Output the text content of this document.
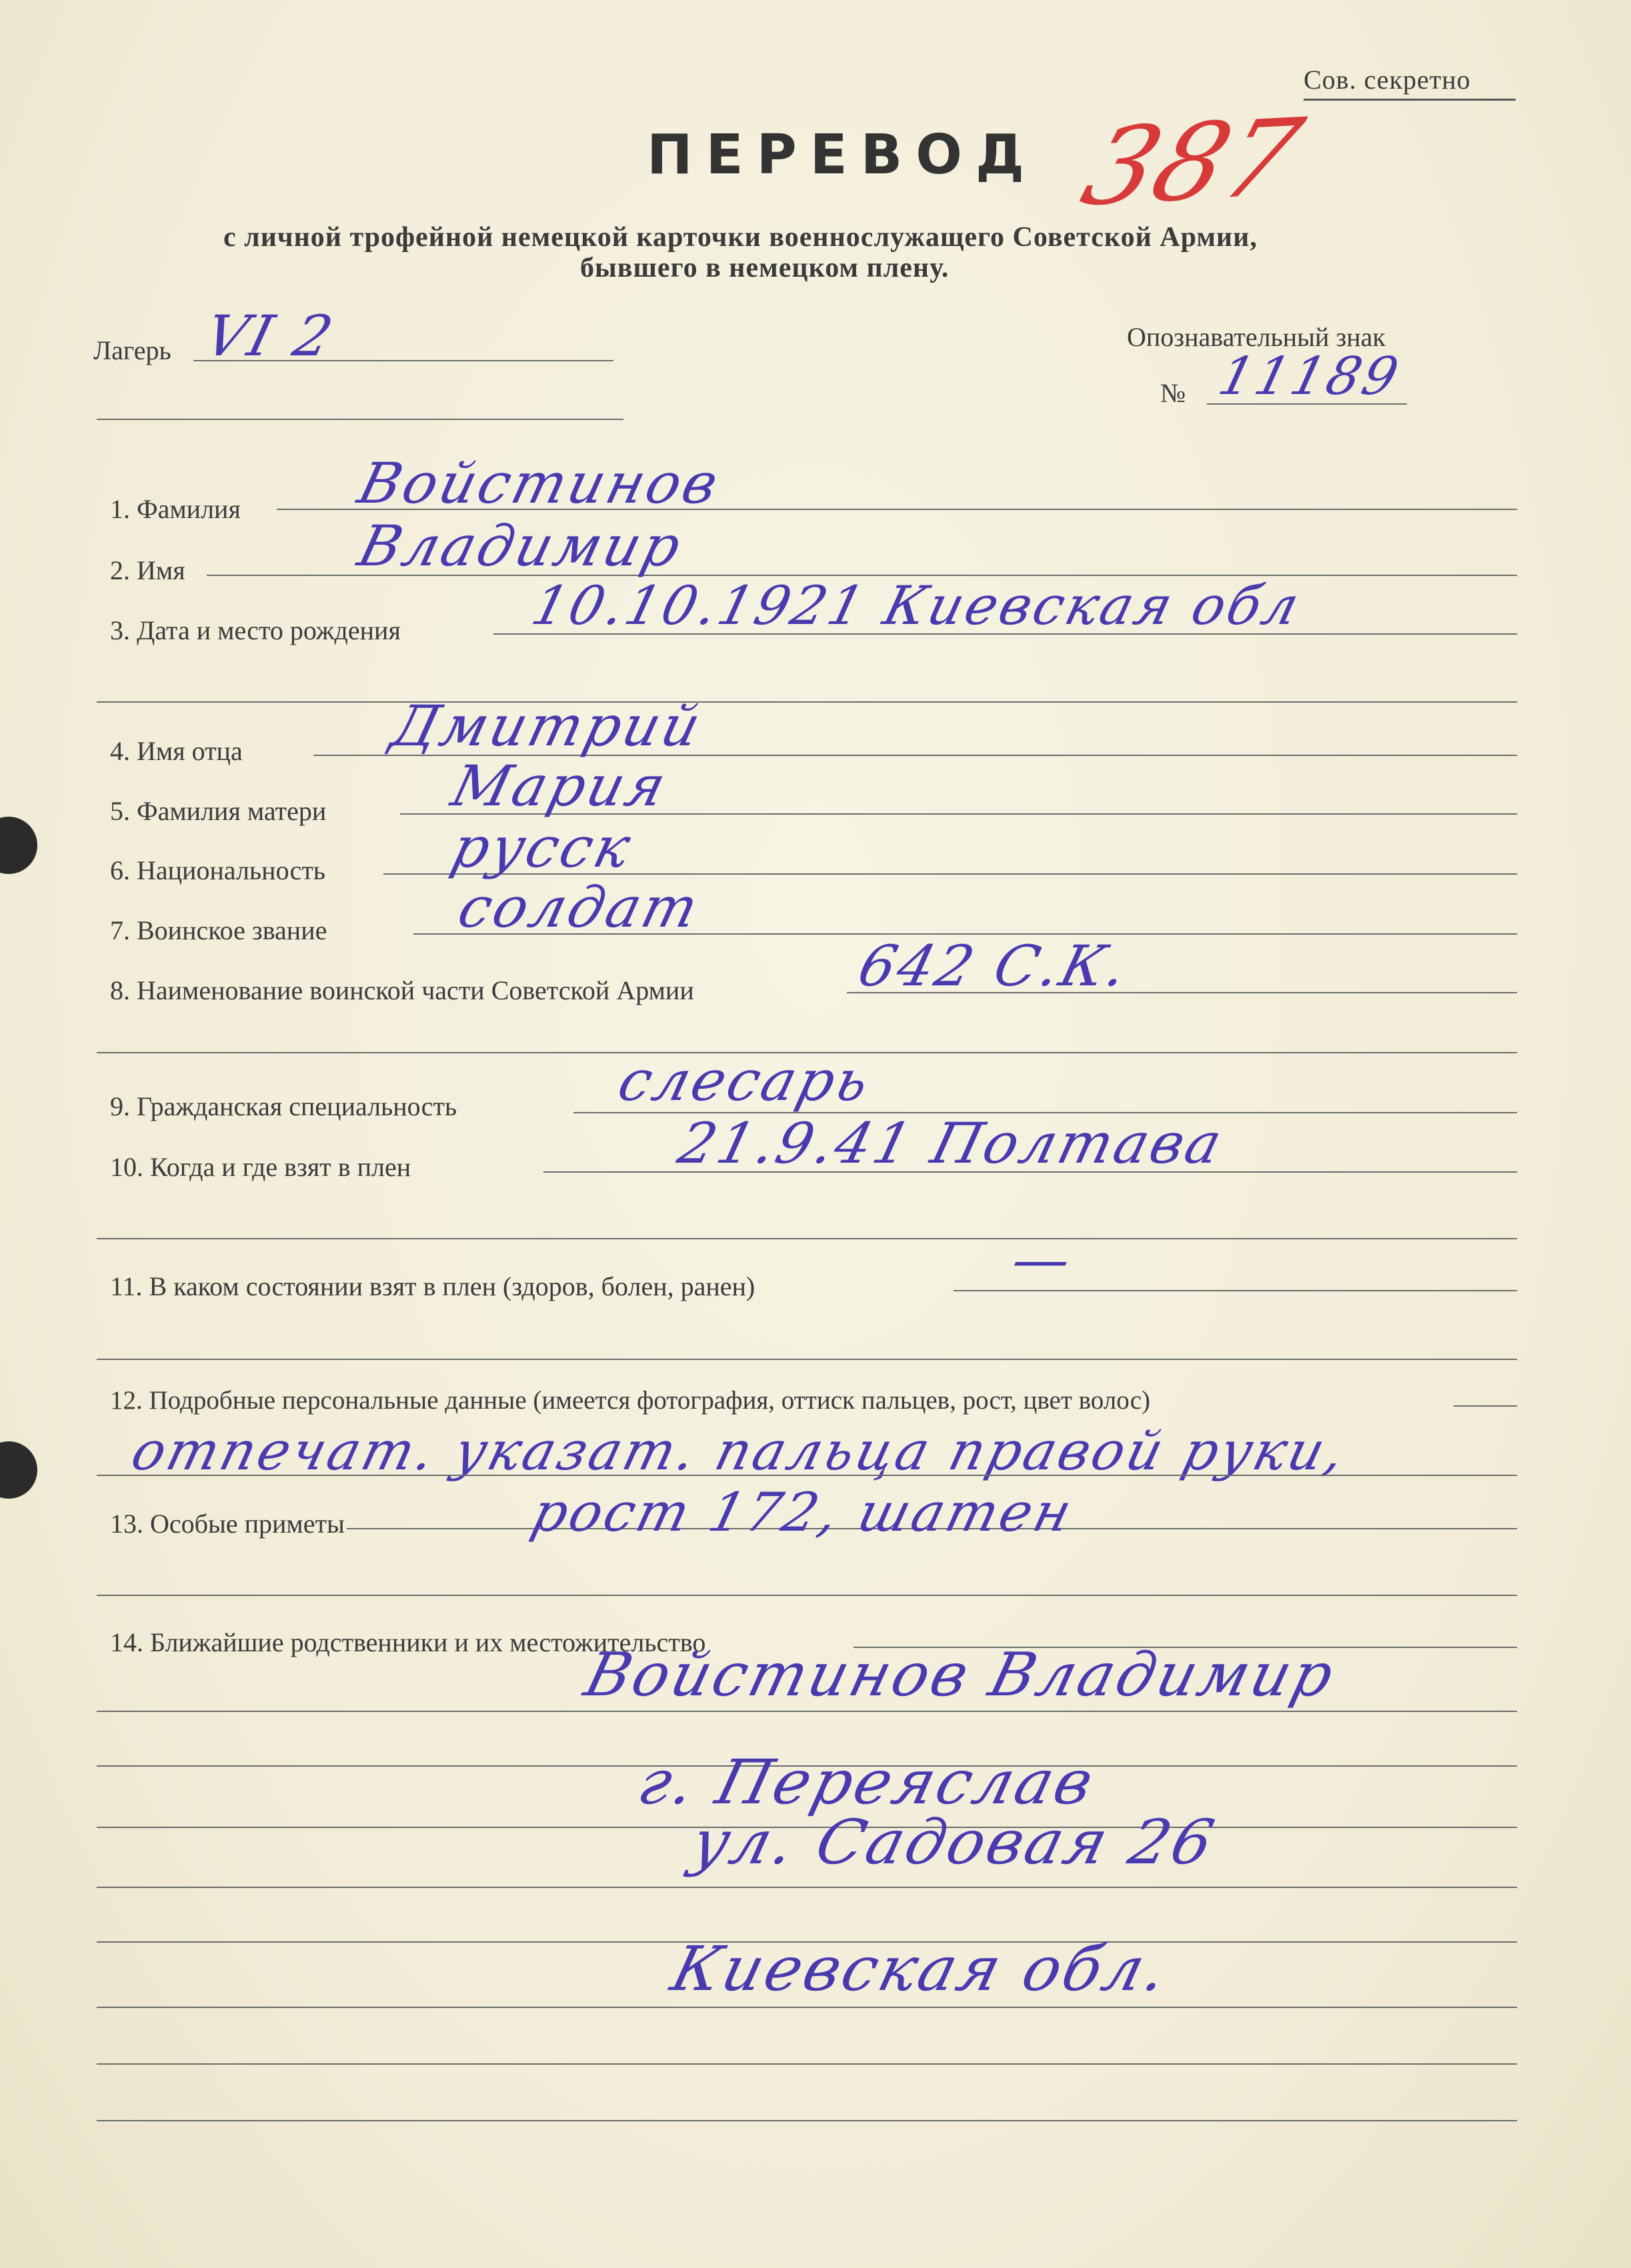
Сов. секретно
ПЕРЕВОД 387
с личной трофейной немецкой карточки военнослужащего Советской Армии,
бывшего в немецком плену.
Лагерь VI 2	Опознавательный знак
№ 11189
1. Фамилия Войстинов
2. Имя	Владимир
3. Дата и место рождения 10.10.1921 Киевская обл
4. Имя отца	Дмитрий
5. Фамилия матери Мария
6. Национальность русск
7. Воинское звание солдат
8. Наименование воинской части Советской Армии	642 С.К.
9. Гражданская специальность	слесарь
10. Когда и где взят в плен	21.9.41 Полтава
11. В каком состоянии взят в плен (здоров, болен, ранен)	—
12. Подробные персональные данные (имеется фотография, оттиск пальцев, рост, цвет волос)
отпечат. указат. пальца правой руки,
13. Особые приметы	рост 172, шатен
14. Ближайшие родственники и их местожительство
Войстинов Владимир
г. Переяслав
ул. Садовая 26
Киевская обл.
